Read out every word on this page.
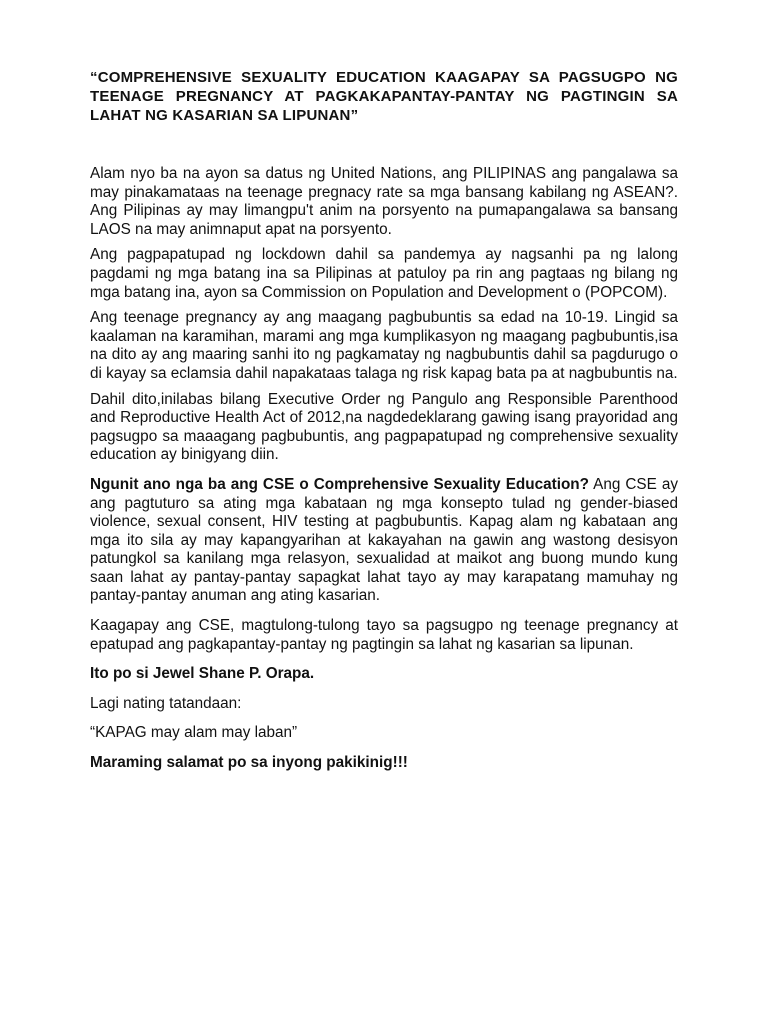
“COMPREHENSIVE SEXUALITY EDUCATION KAAGAPAY SA PAGSUGPO NG TEENAGE PREGNANCY AT PAGKAKAPANTAY-PANTAY NG PAGTINGIN SA LAHAT NG KASARIAN SA LIPUNAN”

Alam nyo ba na ayon sa datus ng United Nations, ang PILIPINAS ang pangalawa sa may pinakamataas na teenage pregnacy rate sa mga bansang kabilang ng ASEAN?. Ang Pilipinas ay may limangpu't anim na porsyento na pumapangalawa sa bansang LAOS na may animnaput apat na porsyento.

Ang pagpapatupad ng lockdown dahil sa pandemya ay nagsanhi pa ng lalong pagdami ng mga batang ina sa Pilipinas at patuloy pa rin ang pagtaas ng bilang ng mga batang ina, ayon sa Commission on Population and Development o (POPCOM).

Ang teenage pregnancy ay ang maagang pagbubuntis sa edad na 10-19. Lingid sa kaalaman na karamihan, marami ang mga kumplikasyon ng maagang pagbubuntis,isa na dito ay ang maaring sanhi ito ng pagkamatay ng nagbubuntis dahil sa pagdurugo o di kayay sa eclamsia dahil napakataas talaga ng risk kapag bata pa at nagbubuntis na.

Dahil dito,inilabas bilang Executive Order ng Pangulo ang Responsible Parenthood and Reproductive Health Act of 2012,na nagdedeklarang gawing isang prayoridad ang pagsugpo sa maaagang pagbubuntis, ang pagpapatupad ng comprehensive sexuality education ay binigyang diin.

Ngunit ano nga ba ang CSE o Comprehensive Sexuality Education? Ang CSE ay ang pagtuturo sa ating mga kabataan ng mga konsepto tulad ng gender-biased violence, sexual consent, HIV testing at pagbubuntis. Kapag alam ng kabataan ang mga ito sila ay may kapangyarihan at kakayahan na gawin ang wastong desisyon patungkol sa kanilang mga relasyon, sexualidad at maikot ang buong mundo kung saan lahat ay pantay-pantay sapagkat lahat tayo ay may karapatang mamuhay ng pantay-pantay anuman ang ating kasarian.

Kaagapay ang CSE, magtulong-tulong tayo sa pagsugpo ng teenage pregnancy at epatupad ang pagkapantay-pantay ng pagtingin sa lahat ng kasarian sa lipunan.

Ito po si Jewel Shane P. Orapa.

Lagi nating tatandaan:

“KAPAG may alam may laban”

Maraming salamat po sa inyong pakikinig!!!
